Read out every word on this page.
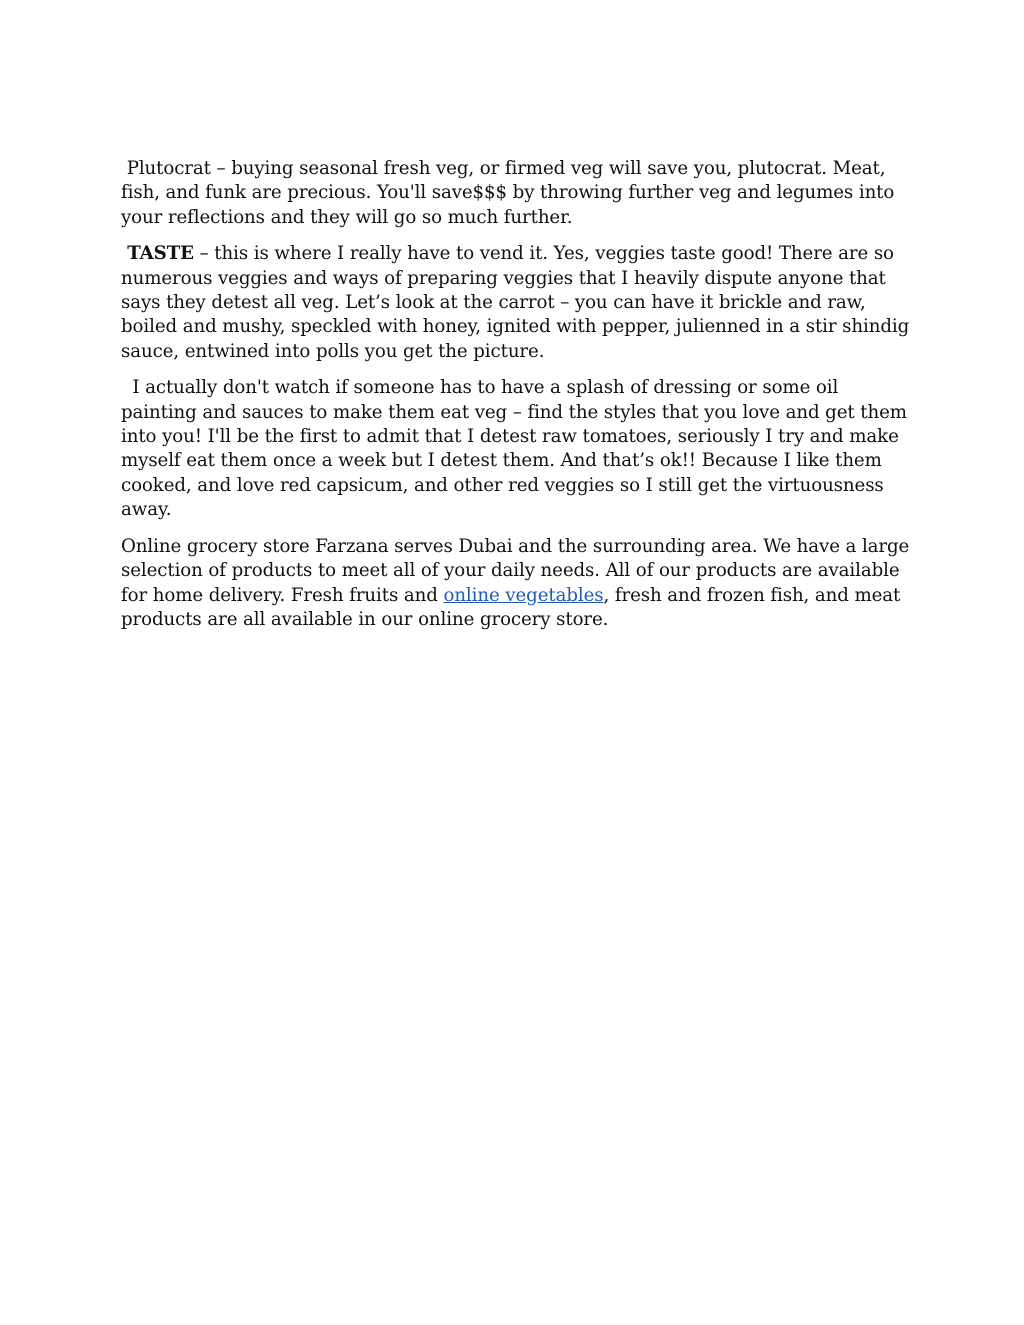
Plutocrat – buying seasonal fresh veg, or firmed veg will save you, plutocrat. Meat, fish, and funk are precious. You'll save$$$ by throwing further veg and legumes into your reflections and they will go so much further.

TASTE – this is where I really have to vend it. Yes, veggies taste good! There are so numerous veggies and ways of preparing veggies that I heavily dispute anyone that says they detest all veg. Let’s look at the carrot – you can have it brickle and raw, boiled and mushy, speckled with honey, ignited with pepper, julienned in a stir shindig sauce, entwined into polls you get the picture.

I actually don't watch if someone has to have a splash of dressing or some oil painting and sauces to make them eat veg – find the styles that you love and get them into you! I'll be the first to admit that I detest raw tomatoes, seriously I try and make myself eat them once a week but I detest them. And that’s ok!! Because I like them cooked, and love red capsicum, and other red veggies so I still get the virtuousness away.

Online grocery store Farzana serves Dubai and the surrounding area. We have a large selection of products to meet all of your daily needs. All of our products are available for home delivery. Fresh fruits and online vegetables, fresh and frozen fish, and meat products are all available in our online grocery store.
